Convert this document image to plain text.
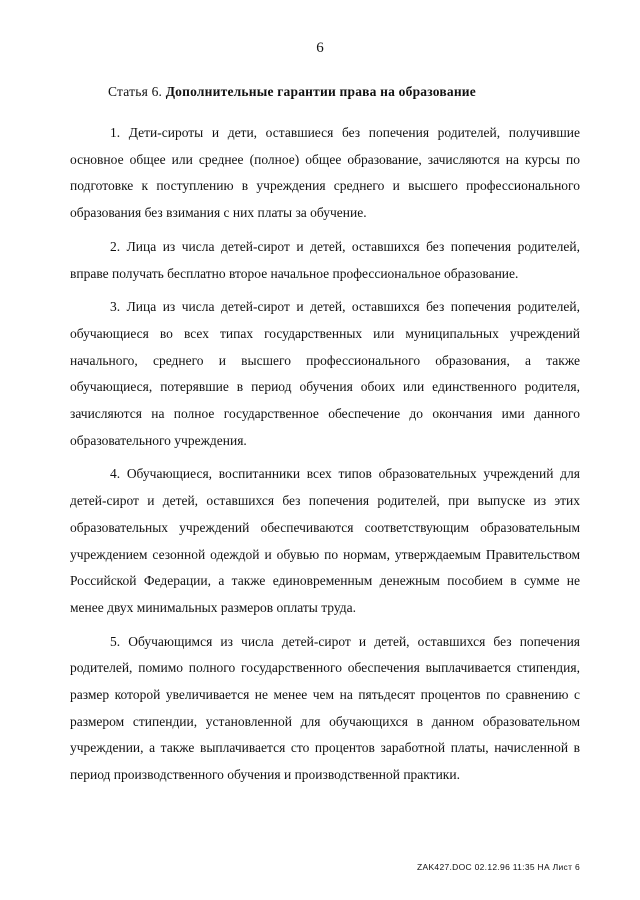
6
Статья 6. Дополнительные гарантии права на образование

1. Дети-сироты и дети, оставшиеся без попечения родителей, получившие основное общее или среднее (полное) общее образование, зачисляются на курсы по подготовке к поступлению в учреждения среднего и высшего профессионального образования без взимания с них платы за обучение.

2. Лица из числа детей-сирот и детей, оставшихся без попечения родителей, вправе получать бесплатно второе начальное профессиональное образование.

3. Лица из числа детей-сирот и детей, оставшихся без попечения родителей, обучающиеся во всех типах государственных или муниципальных учреждений начального, среднего и высшего профессионального образования, а также обучающиеся, потерявшие в период обучения обоих или единственного родителя, зачисляются на полное государственное обеспечение до окончания ими данного образовательного учреждения.

4. Обучающиеся, воспитанники всех типов образовательных учреждений для детей-сирот и детей, оставшихся без попечения родителей, при выпуске из этих образовательных учреждений обеспечиваются соответствующим образовательным учреждением сезонной одеждой и обувью по нормам, утверждаемым Правительством Российской Федерации, а также единовременным денежным пособием в сумме не менее двух минимальных размеров оплаты труда.

5. Обучающимся из числа детей-сирот и детей, оставшихся без попечения родителей, помимо полного государственного обеспечения выплачивается стипендия, размер которой увеличивается не менее чем на пятьдесят процентов по сравнению с размером стипендии, установленной для обучающихся в данном образовательном учреждении, а также выплачивается сто процентов заработной платы, начисленной в период производственного обучения и производственной практики.

ZAK427.DOC 02.12.96 11:35 НА Лист 6
